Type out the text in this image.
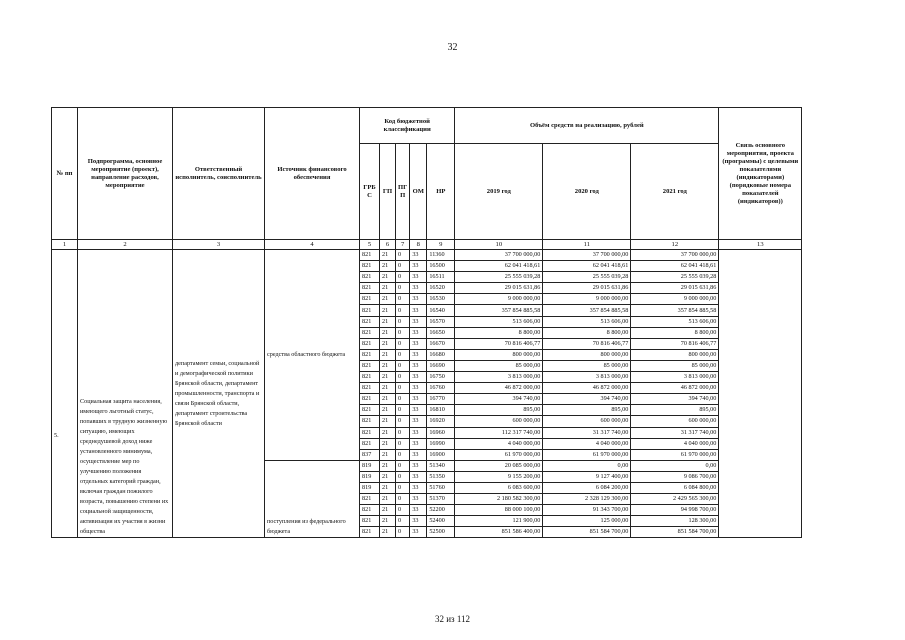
32
№ пп	Подпрограмма, основное мероприятие (проект), направление расходов, мероприятие	Ответственный исполнитель, соисполнитель	Источник финансового обеспечения	Код бюджетной классификации					Объём средств на реализацию, рублей			Связь основного мероприятия, проекта (программы) с целевыми показателями (индикаторами) (порядковые номера показателей (индикаторов))
				ГРБ С	ГП	ПГ П	ОМ	НР	2019 год	2020 год	2021 год	
1	2	3	4	5	6	7	8	9	10	11	12	13
5.	Социальная защита населения, имеющего льготный статус, попавших в трудную жизненную ситуацию, имеющих среднедушевой доход ниже установленного минимума, осуществление мер по улучшению положения отдельных категорий граждан, включая граждан пожилого возраста, повышению степени их социальной защищенности, активизация их участия в жизни общества	департамент семьи, социальной и демографической политики Брянской области, департамент промышленности, транспорта и связи Брянской области, департамент строительства Брянской области	средства областного бюджета	821	21	0	33	11360	37 700 000,00	37 700 000,00	37 700 000,00	
				821	21	0	33	16500	62 041 418,61	62 041 418,61	62 041 418,61	
				821	21	0	33	16511	25 555 039,28	25 555 039,28	25 555 039,28	
				821	21	0	33	16520	29 015 631,86	29 015 631,86	29 015 631,86	
				821	21	0	33	16530	9 000 000,00	9 000 000,00	9 000 000,00	
				821	21	0	33	16540	357 854 885,58	357 854 885,58	357 854 885,58	
				821	21	0	33	16570	513 606,00	513 606,00	513 606,00	
				821	21	0	33	16650	8 800,00	8 800,00	8 800,00	
				821	21	0	33	16670	70 816 406,77	70 816 406,77	70 816 406,77	
				821	21	0	33	16680	800 000,00	800 000,00	800 000,00	
				821	21	0	33	16690	85 000,00	85 000,00	85 000,00	
				821	21	0	33	16750	3 813 000,00	3 813 000,00	3 813 000,00	
				821	21	0	33	16760	46 872 000,00	46 872 000,00	46 872 000,00	
				821	21	0	33	16770	394 740,00	394 740,00	394 740,00	
				821	21	0	33	16810	895,00	895,00	895,00	
				821	21	0	33	16920	600 000,00	600 000,00	600 000,00	
				821	21	0	33	16960	112 317 740,00	31 317 740,00	31 317 740,00	
				821	21	0	33	16990	4 040 000,00	4 040 000,00	4 040 000,00	
				837	21	0	33	16900	61 970 000,00	61 970 000,00	61 970 000,00	
			поступления из федерального бюджета	819	21	0	33	51340	20 085 000,00	0,00	0,00	
				819	21	0	33	51350	9 155 200,00	9 127 400,00	9 086 700,00	
				819	21	0	33	51760	6 083 600,00	6 084 200,00	6 084 800,00	
				821	21	0	33	51370	2 180 582 300,00	2 328 129 300,00	2 429 565 300,00	
				821	21	0	33	52200	88 000 100,00	91 343 700,00	94 998 700,00	
				821	21	0	33	52400	121 900,00	125 000,00	128 300,00	
				821	21	0	33	52500	851 586 400,00	851 584 700,00	851 584 700,00	
32 из 112
